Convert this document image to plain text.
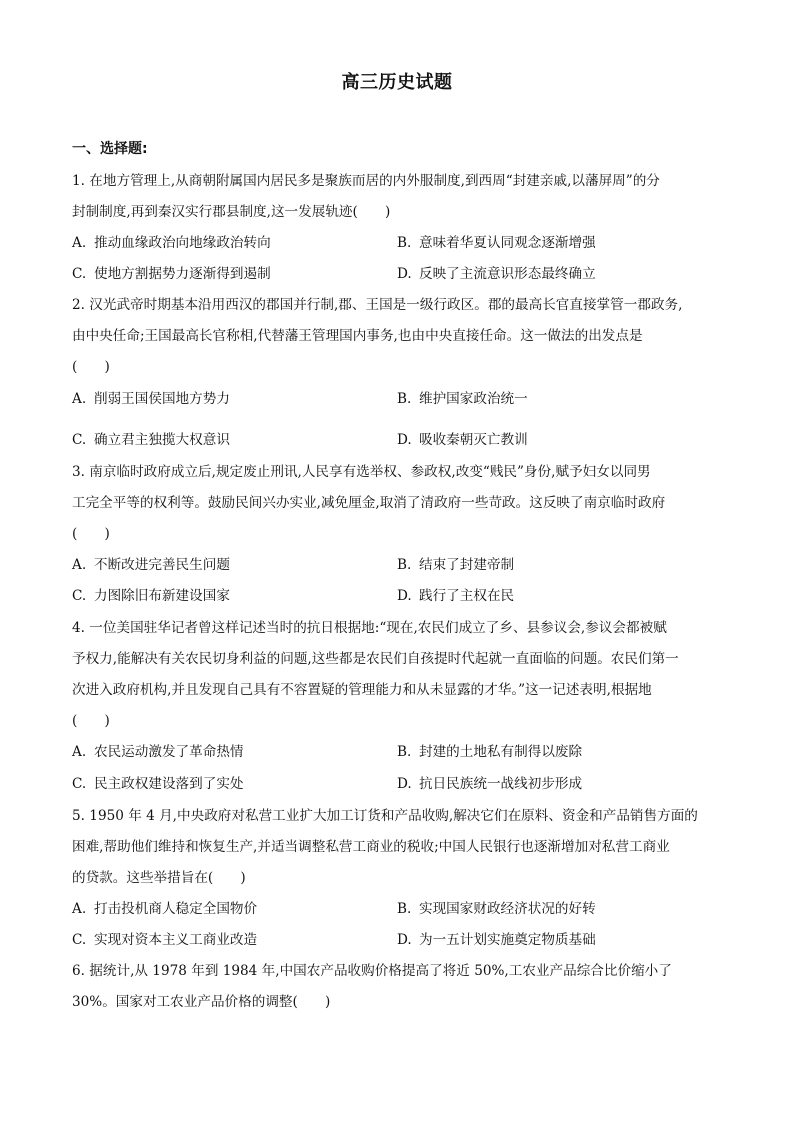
高三历史试题
一、选择题:
1. 在地方管理上,从商朝附属国内居民多是聚族而居的内外服制度,到西周“封建亲戚,以藩屏周”的分
封制制度,再到秦汉实行郡县制度,这一发展轨迹(　　)
A. 推动血缘政治向地缘政治转向	B. 意味着华夏认同观念逐渐增强
C. 使地方割据势力逐渐得到遏制	D. 反映了主流意识形态最终确立
2. 汉光武帝时期基本沿用西汉的郡国并行制,郡、王国是一级行政区。郡的最高长官直接掌管一郡政务,
由中央任命;王国最高长官称相,代替藩王管理国内事务,也由中央直接任命。这一做法的出发点是
(　　)
A. 削弱王国侯国地方势力	B. 维护国家政治统一
C. 确立君主独揽大权意识	D. 吸收秦朝灭亡教训
3. 南京临时政府成立后,规定废止刑讯,人民享有选举权、参政权,改变“贱民”身份,赋予妇女以同男
工完全平等的权利等。鼓励民间兴办实业,减免厘金,取消了清政府一些苛政。这反映了南京临时政府
(　　)
A. 不断改进完善民生问题	B. 结束了封建帝制
C. 力图除旧布新建设国家	D. 践行了主权在民
4. 一位美国驻华记者曾这样记述当时的抗日根据地:“现在,农民们成立了乡、县参议会,参议会都被赋
予权力,能解决有关农民切身利益的问题,这些都是农民们自孩提时代起就一直面临的问题。农民们第一
次进入政府机构,并且发现自己具有不容置疑的管理能力和从未显露的才华。”这一记述表明,根据地
(　　)
A. 农民运动激发了革命热情	B. 封建的土地私有制得以废除
C. 民主政权建设落到了实处	D. 抗日民族统一战线初步形成
5. 1950 年 4 月,中央政府对私营工业扩大加工订货和产品收购,解决它们在原料、资金和产品销售方面的
困难,帮助他们维持和恢复生产,并适当调整私营工商业的税收;中国人民银行也逐渐增加对私营工商业
的贷款。这些举措旨在(　　)
A. 打击投机商人稳定全国物价	B. 实现国家财政经济状况的好转
C. 实现对资本主义工商业改造	D. 为一五计划实施奠定物质基础
6. 据统计,从 1978 年到 1984 年,中国农产品收购价格提高了将近 50%,工农业产品综合比价缩小了
30%。国家对工农业产品价格的调整(　　)
